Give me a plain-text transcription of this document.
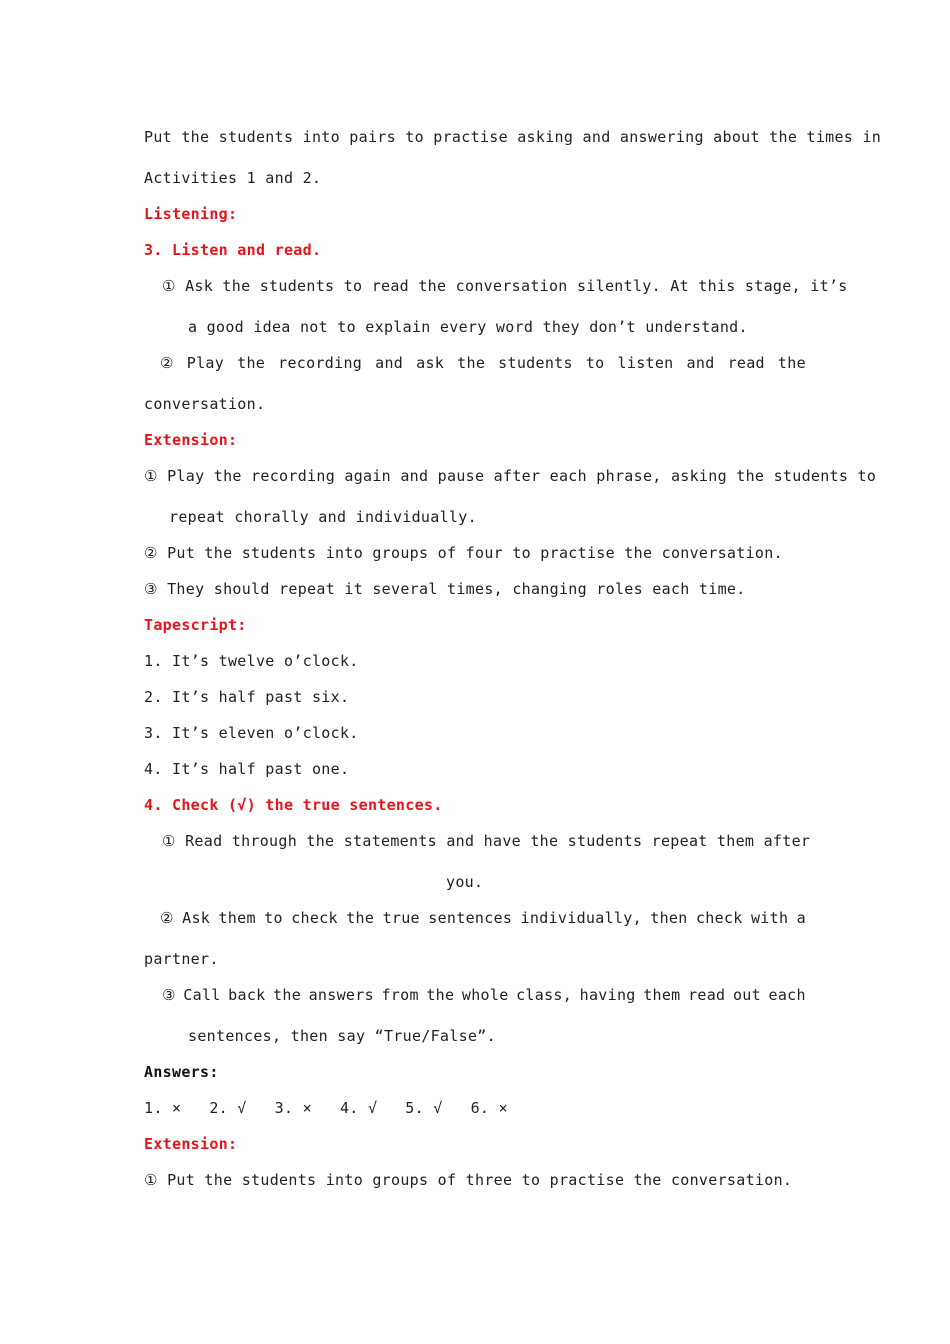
Put the students into pairs to practise asking and answering about the times in
Activities 1 and 2.
Listening:
3. Listen and read.
① Ask the students to read the conversation silently. At this stage, it’s
a good idea not to explain every word they don’t understand.
② Play the recording and ask the students to listen and read the
conversation.
Extension:
① Play the recording again and pause after each phrase, asking the students to
repeat chorally and individually.
② Put the students into groups of four to practise the conversation.
③ They should repeat it several times, changing roles each time.
Tapescript:
1. It’s twelve o’clock.
2. It’s half past six.
3. It’s eleven o’clock.
4. It’s half past one.
4. Check (√) the true sentences.
① Read through the statements and have the students repeat them after
you.
② Ask them to check the true sentences individually, then check with a
partner.
③ Call back the answers from the whole class, having them read out each
sentences, then say “True/False”.
Answers:
1. ×   2. √   3. ×   4. √   5. √   6. ×
Extension:
① Put the students into groups of three to practise the conversation.
